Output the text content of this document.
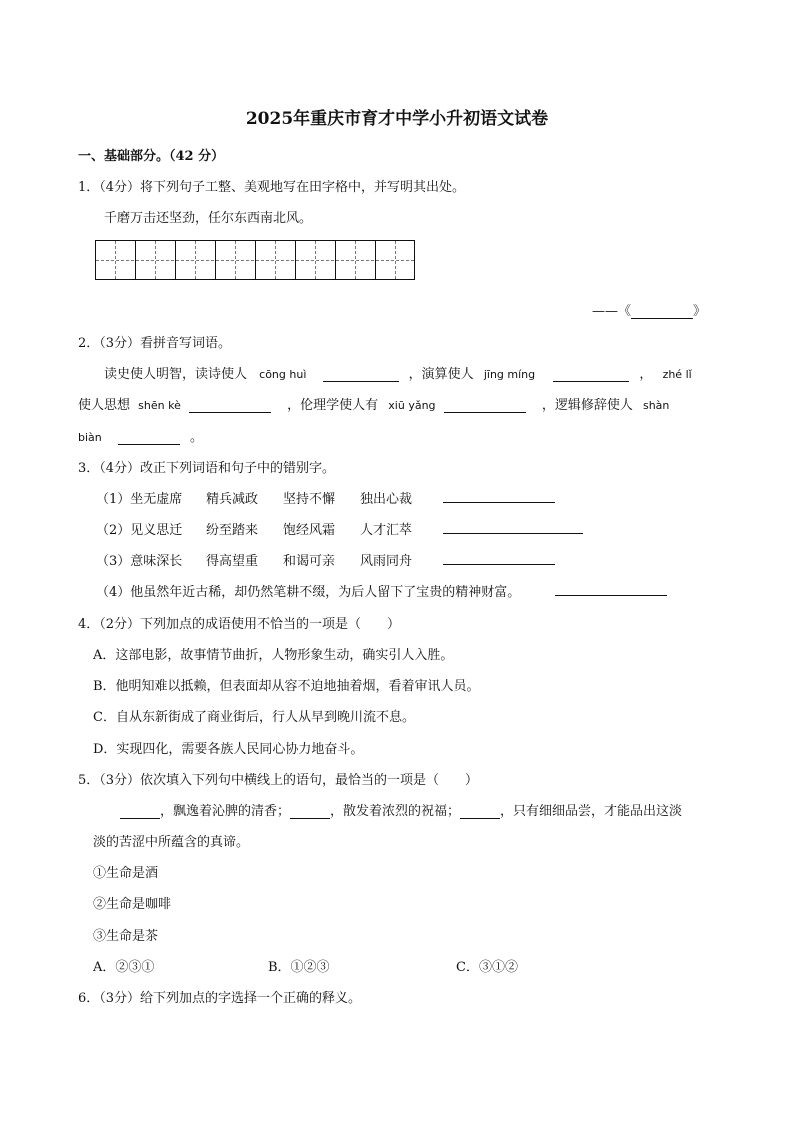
2025年重庆市育才中学小升初语文试卷
一、基础部分。（42 分）
1．（4分）将下列句子工整、美观地写在田字格中，并写明其出处。
千磨万击还坚劲，任尔东西南北风。
——《	》
2．（3分）看拼音写词语。
读史使人明智，读诗使人 cōng huì	，演算使人 jīng míng	， zhé lǐ
使人思想 shēn kè	，伦理学使人有 xiū yǎng	，逻辑修辞使人 shàn
biàn	。
3．（4分）改正下列词语和句子中的错别字。
（1）坐无虚席 精兵减政 坚持不懈 独出心裁
（2）见义思迁 纷至踏来 饱经风霜 人才汇萃
（3）意味深长 得高望重 和谒可亲 风雨同舟
（4）他虽然年近古稀，却仍然笔耕不缀，为后人留下了宝贵的精神财富。
4．（2分）下列加点的成语使用不恰当的一项是（　　）
A．这部电影，故事情节曲折，人物形象生动，确实引人入胜。
B．他明知难以抵赖，但表面却从容不迫地抽着烟，看着审讯人员。
C．自从东新街成了商业街后，行人从早到晚川流不息。
D．实现四化，需要各族人民同心协力地奋斗。
5．（3分）依次填入下列句中横线上的语句，最恰当的一项是（　　）
，飘逸着沁脾的清香；	，散发着浓烈的祝福；	，只有细细品尝，才能品出这淡
淡的苦涩中所蕴含的真谛。
①生命是酒
②生命是咖啡
③生命是茶
A．②③①	B．①②③	C．③①②
6．（3分）给下列加点的字选择一个正确的释义。
